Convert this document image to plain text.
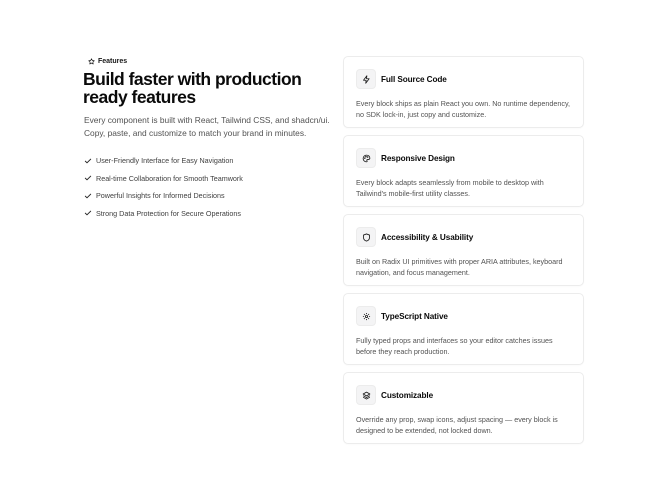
Features
Build faster with production ready features

Every component is built with React, Tailwind CSS, and shadcn/ui. Copy, paste, and customize to match your brand in minutes.

User-Friendly Interface for Easy Navigation
Real-time Collaboration for Smooth Teamwork
Powerful Insights for Informed Decisions
Strong Data Protection for Secure Operations
Full Source Code

Every block ships as plain React you own. No runtime dependency, no SDK lock-in, just copy and customize.

Responsive Design

Every block adapts seamlessly from mobile to desktop with Tailwind's mobile-first utility classes.

Accessibility & Usability

Built on Radix UI primitives with proper ARIA attributes, keyboard navigation, and focus management.

TypeScript Native

Fully typed props and interfaces so your editor catches issues before they reach production.

Customizable

Override any prop, swap icons, adjust spacing — every block is designed to be extended, not locked down.
